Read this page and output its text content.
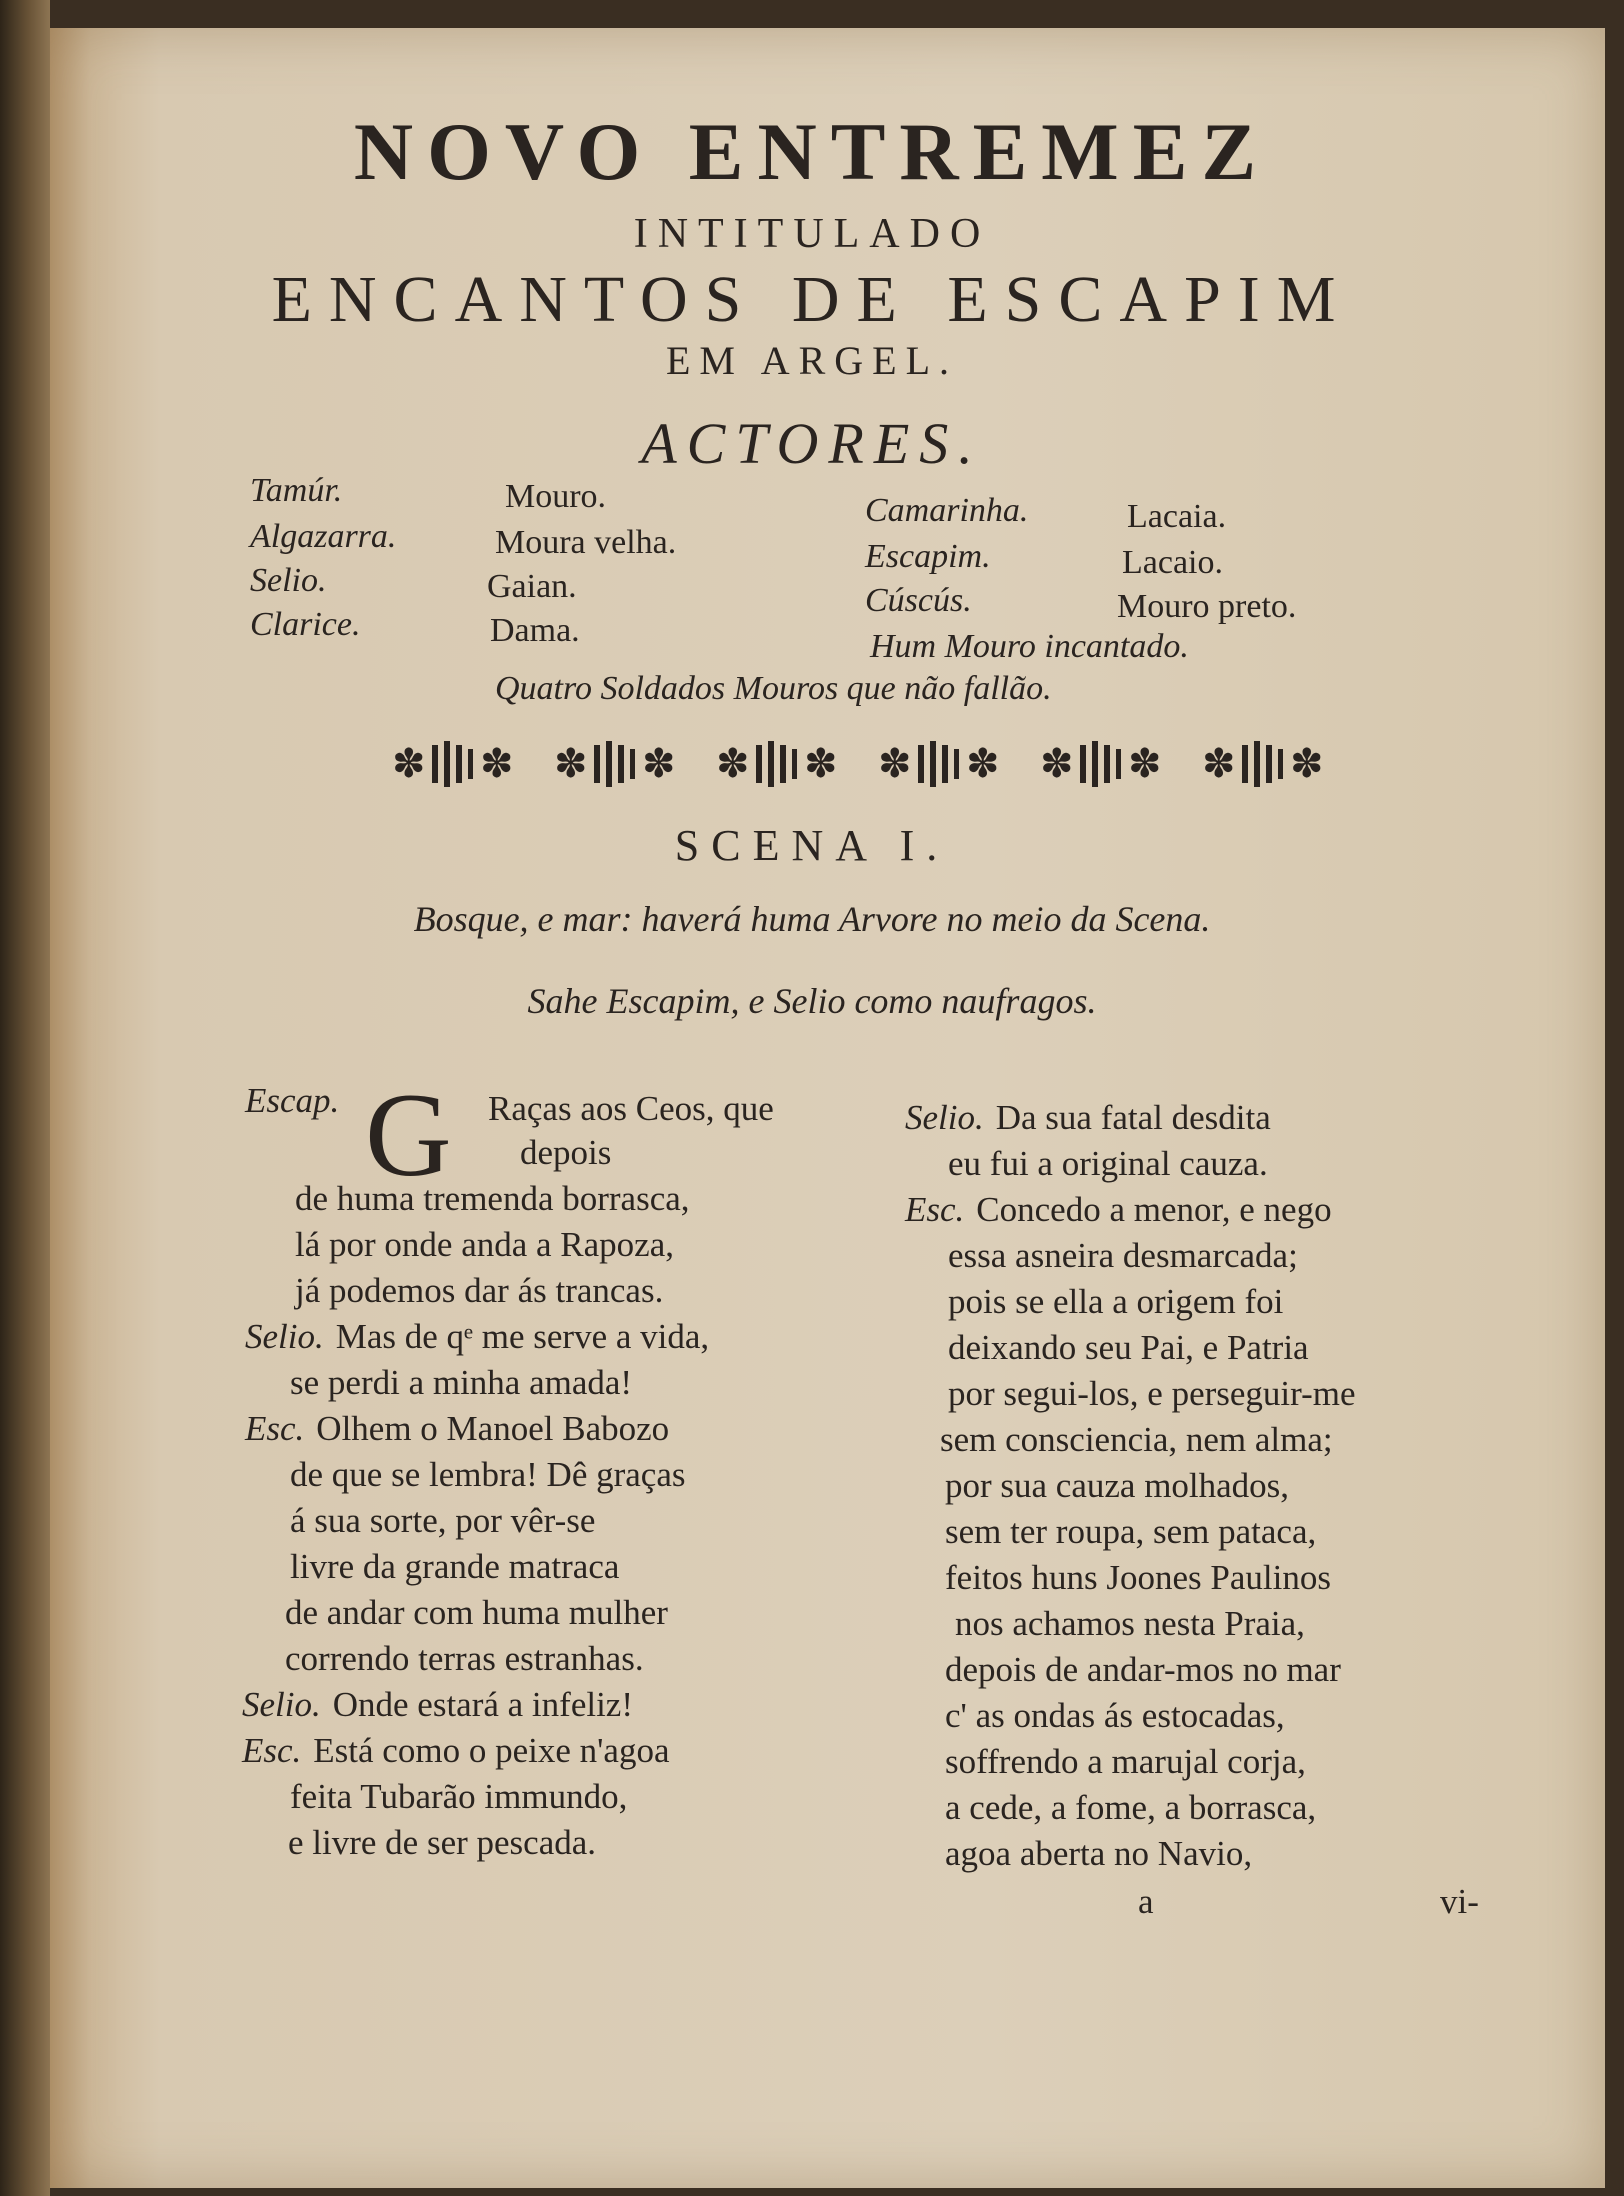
NOVO ENTREMEZ
INTITULADO
ENCANTOS DE ESCAPIM
EM ARGEL.
ACTORES.
Tamúr.	Mouro.
Algazarra.	Moura velha.
Selio.	Gaian.
Clarice.	Dama.
Camarinha.	Lacaia.
Escapim.	Lacaio.
Cúscús.	Mouro preto.
Hum Mouro incantado.
Quatro Soldados Mouros que não fallão.
✽ ✽
SCENA I.
Bosque, e mar: haverá huma Arvore no meio da Scena.
Sahe Escapim, e Selio como naufragos.
G
Escap.	Raças aos Ceos, que
depois
de huma tremenda borrasca,
lá por onde anda a Rapoza,
já podemos dar ás trancas.
Selio. Mas de qᵉ me serve a vida,
se perdi a minha amada!
Esc. Olhem o Manoel Babozo
de que se lembra! Dê graças
á sua sorte, por vêr-se
livre da grande matraca
de andar com huma mulher
correndo terras estranhas.
Selio. Onde estará a infeliz!
Esc. Está como o peixe n'agoa
feita Tubarão immundo,
e livre de ser pescada.
Selio. Da sua fatal desdita
eu fui a original cauza.
Esc. Concedo a menor, e nego
essa asneira desmarcada;
pois se ella a origem foi
deixando seu Pai, e Patria
por segui-los, e perseguir-me
sem consciencia, nem alma;
por sua cauza molhados,
sem ter roupa, sem pataca,
feitos huns Joones Paulinos
nos achamos nesta Praia,
depois de andar-mos no mar
c' as ondas ás estocadas,
soffrendo a marujal corja,
a cede, a fome, a borrasca,
agoa aberta no Navio,
a	vi-
